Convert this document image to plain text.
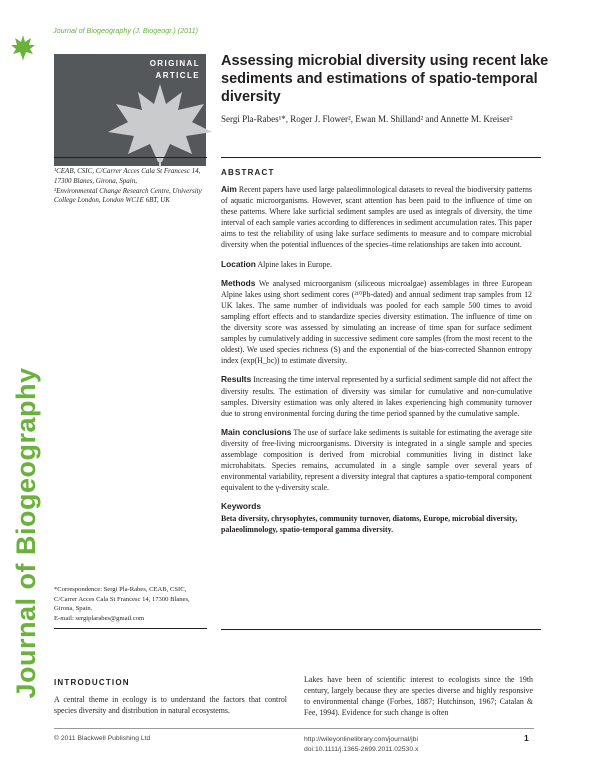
Journal of Biogeography
Journal of Biogeography (J. Biogeogr.) (2011)
ORIGINAL
ARTICLE
Assessing microbial diversity using recent lake sediments and estimations of spatio-temporal diversity
Sergi Pla-Rabes¹*, Roger J. Flower², Ewan M. Shilland² and Annette M. Kreiser²
¹CEAB, CSIC, C/Carrer Acces Cala St Francesc 14, 17300 Blanes, Girona, Spain,
²Environmental Change Research Centre, University College London, London WC1E 6BT, UK
*Correspondence: Sergi Pla-Rabes, CEAB, CSIC, C/Carrer Acces Cala St Francesc 14, 17300 Blanes, Girona, Spain.
E-mail: sergiplarabes@gmail.com
ABSTRACT

Aim Recent papers have used large palaeolimnological datasets to reveal the biodiversity patterns of aquatic microorganisms. However, scant attention has been paid to the influence of time on these patterns. Where lake surficial sediment samples are used as integrals of diversity, the time interval of each sample varies according to differences in sediment accumulation rates. This paper aims to test the reliability of using lake surface sediments to measure and to compare microbial diversity when the potential influences of the species–time relationships are taken into account.

Location Alpine lakes in Europe.

Methods We analysed microorganism (siliceous microalgae) assemblages in three European Alpine lakes using short sediment cores (²¹⁰Pb-dated) and annual sediment trap samples from 12 UK lakes. The same number of individuals was pooled for each sample 500 times to avoid sampling effort effects and to standardize species diversity estimation. The influence of time on the diversity score was assessed by simulating an increase of time span for surface sediment samples by cumulatively adding in successive sediment core samples (from the most recent to the oldest). We used species richness (S) and the exponential of the bias-corrected Shannon entropy index (exp(H_bc)) to estimate diversity.

Results Increasing the time interval represented by a surficial sediment sample did not affect the diversity results. The estimation of diversity was similar for cumulative and non-cumulative samples. Diversity estimation was only altered in lakes experiencing high community turnover due to strong environmental forcing during the time period spanned by the cumulative sample.

Main conclusions The use of surface lake sediments is suitable for estimating the average site diversity of free-living microorganisms. Diversity is integrated in a single sample and species assemblage composition is derived from microbial communities living in distinct lake microhabitats. Species remains, accumulated in a single sample over several years of environmental variability, represent a diversity integral that captures a spatio-temporal component equivalent to the γ-diversity scale.

Keywords

Beta diversity, chrysophytes, community turnover, diatoms, Europe, microbial diversity, palaeolimnology, spatio-temporal gamma diversity.

INTRODUCTION

A central theme in ecology is to understand the factors that control species diversity and distribution in natural ecosystems.

Lakes have been of scientific interest to ecologists since the 19th century, largely because they are species diverse and highly responsive to environmental change (Forbes, 1887; Hutchinson, 1967; Catalan & Fee, 1994). Evidence for such change is often

© 2011 Blackwell Publishing Ltd	http://wileyonlinelibrary.com/journal/jbi
doi:10.1111/j.1365-2699.2011.02530.x
1
